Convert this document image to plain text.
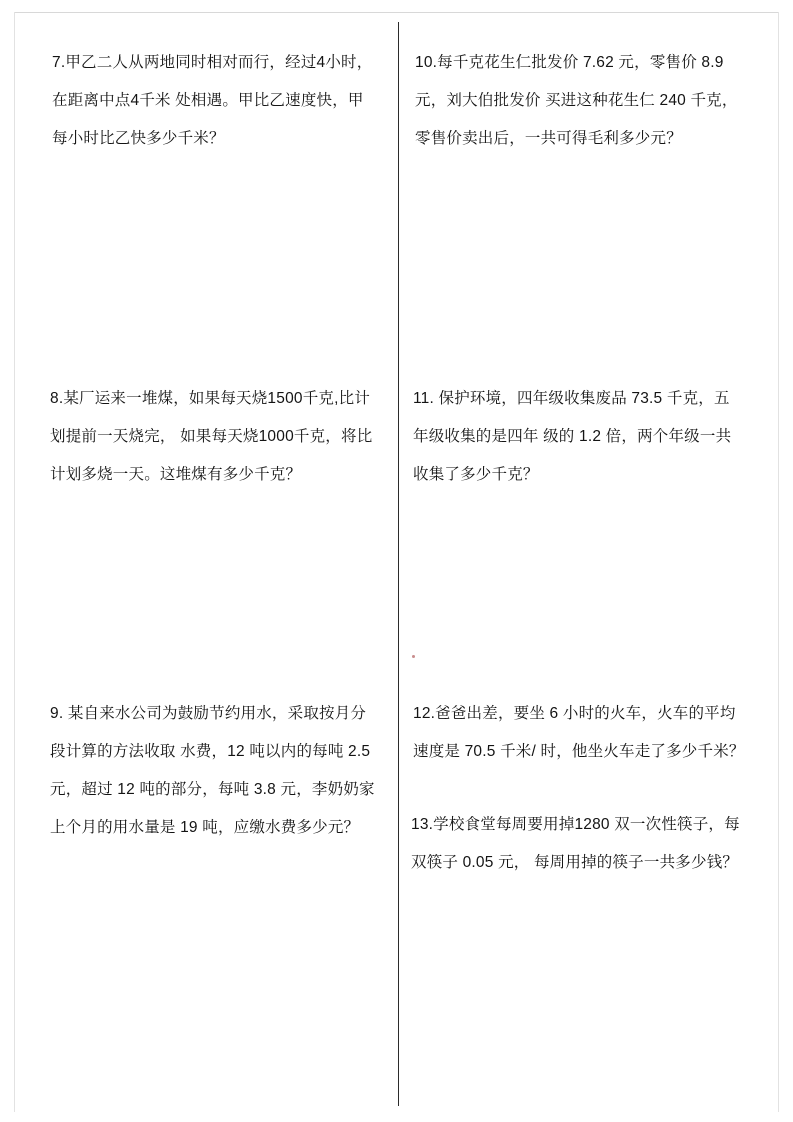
7.甲乙二人从两地同时相对而行，经过4小时，在距离中点4千米 处相遇。甲比乙速度快，甲每小时比乙快多少千米？
8.某厂运来一堆煤，如果每天烧1500千克,比计划提前一天烧完， 如果每天烧1000千克，将比计划多烧一天。这堆煤有多少千克？
9. 某自来水公司为鼓励节约用水，采取按月分段计算的方法收取 水费，12 吨以内的每吨 2.5 元，超过 12 吨的部分，每吨 3.8 元，李奶奶家上个月的用水量是 19 吨，应缴水费多少元？
10.每千克花生仁批发价 7.62 元，零售价 8.9 元，刘大伯批发价 买进这种花生仁 240 千克，零售价卖出后，一共可得毛利多少元？
11. 保护环境，四年级收集废品 73.5 千克，五年级收集的是四年 级的 1.2 倍，两个年级一共收集了多少千克？
12.爸爸出差，要坐 6 小时的火车，火车的平均速度是 70.5 千米/ 时，他坐火车走了多少千米？
13.学校食堂每周要用掉1280 双一次性筷子，每双筷子 0.05 元， 每周用掉的筷子一共多少钱？
